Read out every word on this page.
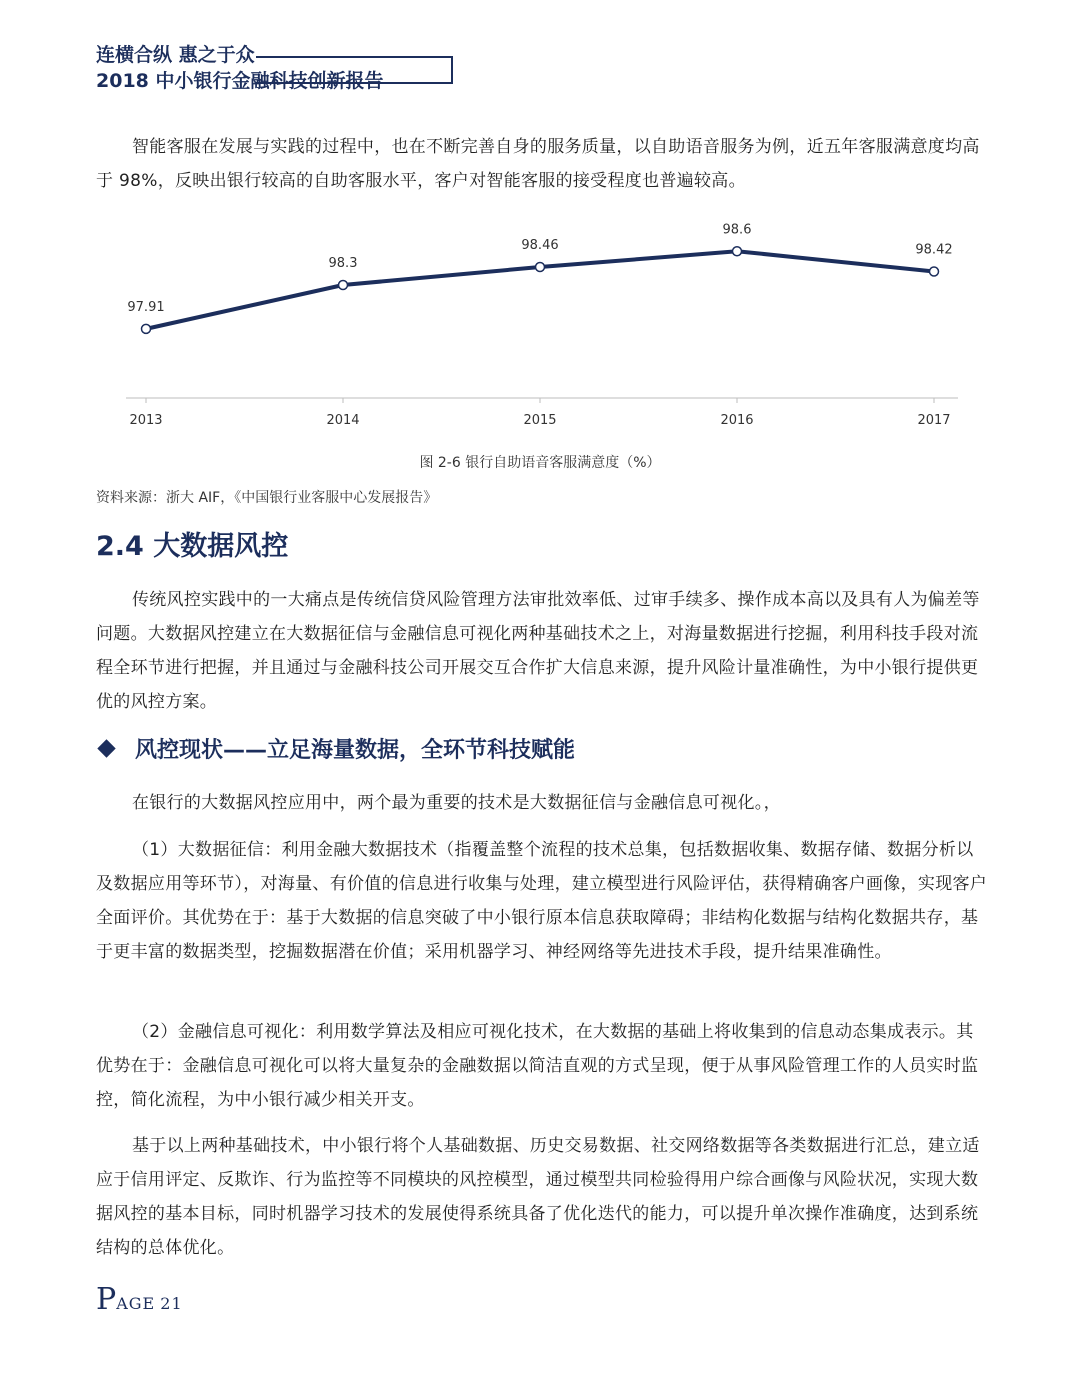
连横合纵 惠之于众
2018 中小银行金融科技创新报告
智能客服在发展与实践的过程中，也在不断完善自身的服务质量，以自助语音服务为例，近五年客服满意度均高于 98%，反映出银行较高的自助客服水平，客户对智能客服的接受程度也普遍较高。
2013	2014	2015	2016	2017
97.91
98.3
98.46
98.6
98.42
图 2-6 银行自助语音客服满意度（%）
资料来源：浙大 AIF，《中国银行业客服中心发展报告》
2.4 大数据风控
传统风控实践中的一大痛点是传统信贷风险管理方法审批效率低、过审手续多、操作成本高以及具有人为偏差等问题。大数据风控建立在大数据征信与金融信息可视化两种基础技术之上，对海量数据进行挖掘，利用科技手段对流程全环节进行把握，并且通过与金融科技公司开展交互合作扩大信息来源，提升风险计量准确性，为中小银行提供更优的风控方案。
风控现状——立足海量数据，全环节科技赋能
在银行的大数据风控应用中，两个最为重要的技术是大数据征信与金融信息可视化。，
（1）大数据征信：利用金融大数据技术（指覆盖整个流程的技术总集，包括数据收集、数据存储、数据分析以及数据应用等环节），对海量、有价值的信息进行收集与处理，建立模型进行风险评估，获得精确客户画像，实现客户全面评价。其优势在于：基于大数据的信息突破了中小银行原本信息获取障碍；非结构化数据与结构化数据共存，基于更丰富的数据类型，挖掘数据潜在价值；采用机器学习、神经网络等先进技术手段，提升结果准确性。
（2）金融信息可视化：利用数学算法及相应可视化技术，在大数据的基础上将收集到的信息动态集成表示。其优势在于：金融信息可视化可以将大量复杂的金融数据以简洁直观的方式呈现，便于从事风险管理工作的人员实时监控，简化流程，为中小银行减少相关开支。
基于以上两种基础技术，中小银行将个人基础数据、历史交易数据、社交网络数据等各类数据进行汇总，建立适应于信用评定、反欺诈、行为监控等不同模块的风控模型，通过模型共同检验得用户综合画像与风险状况，实现大数据风控的基本目标，同时机器学习技术的发展使得系统具备了优化迭代的能力，可以提升单次操作准确度，达到系统结构的总体优化。
PAGE 21
